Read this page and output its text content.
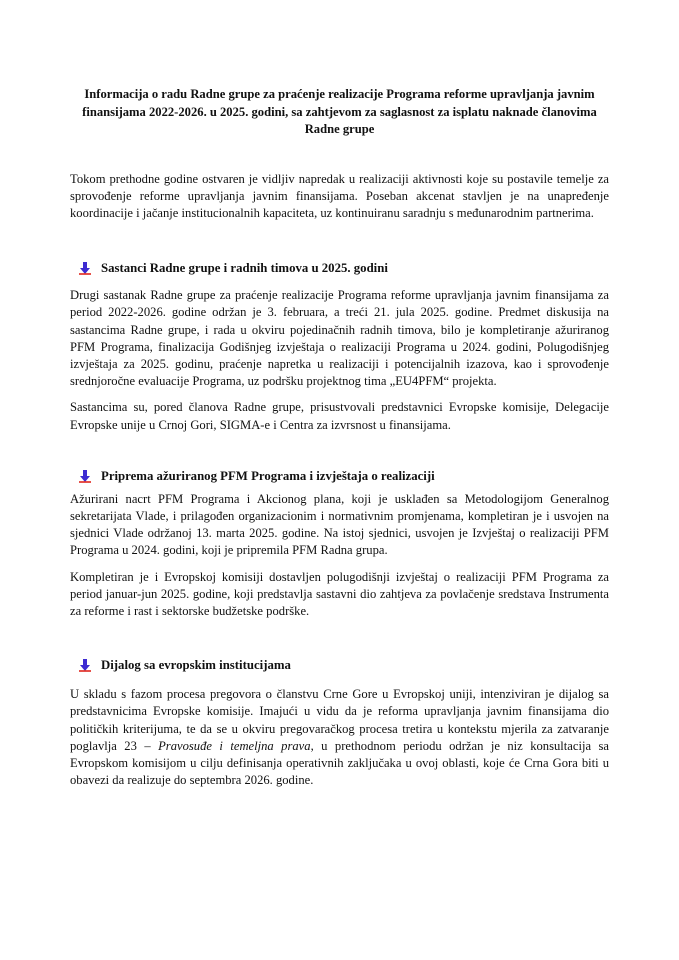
Informacija o radu Radne grupe za praćenje realizacije Programa reforme upravljanja javnim finansijama 2022-2026. u 2025. godini, sa zahtjevom za saglasnost za isplatu naknade članovima Radne grupe

Tokom prethodne godine ostvaren je vidljiv napredak u realizaciji aktivnosti koje su postavile temelje za sprovođenje reforme upravljanja javnim finansijama. Poseban akcenat stavljen je na unapređenje koordinacije i jačanje institucionalnih kapaciteta, uz kontinuiranu saradnju s međunarodnim partnerima.

Sastanci Radne grupe i radnih timova u 2025. godini

Drugi sastanak Radne grupe za praćenje realizacije Programa reforme upravljanja javnim finansijama za period 2022-2026. godine održan je 3. februara, a treći 21. jula 2025. godine. Predmet diskusija na sastancima Radne grupe, i rada u okviru pojedinačnih radnih timova, bilo je kompletiranje ažuriranog PFM Programa, finalizacija Godišnjeg izvještaja o realizaciji Programa u 2024. godini, Polugodišnjeg izvještaja za 2025. godinu, praćenje napretka u realizaciji i potencijalnih izazova, kao i sprovođenje srednjoročne evaluacije Programa, uz podršku projektnog tima „EU4PFM“ projekta.

Sastancima su, pored članova Radne grupe, prisustvovali predstavnici Evropske komisije, Delegacije Evropske unije u Crnoj Gori, SIGMA-e i Centra za izvrsnost u finansijama.

Priprema ažuriranog PFM Programa i izvještaja o realizaciji

Ažurirani nacrt PFM Programa i Akcionog plana, koji je usklađen sa Metodologijom Generalnog sekretarijata Vlade, i prilagođen organizacionim i normativnim promjenama, kompletiran je i usvojen na sjednici Vlade održanoj 13. marta 2025. godine. Na istoj sjednici, usvojen je Izvještaj o realizaciji PFM Programa u 2024. godini, koji je pripremila PFM Radna grupa.

Kompletiran je i Evropskoj komisiji dostavljen polugodišnji izvještaj o realizaciji PFM Programa za period januar-jun 2025. godine, koji predstavlja sastavni dio zahtjeva za povlačenje sredstava Instrumenta za reforme i rast i sektorske budžetske podrške.

Dijalog sa evropskim institucijama

U skladu s fazom procesa pregovora o članstvu Crne Gore u Evropskoj uniji, intenziviran je dijalog sa predstavnicima Evropske komisije. Imajući u vidu da je reforma upravljanja javnim finansijama dio političkih kriterijuma, te da se u okviru pregovaračkog procesa tretira u kontekstu mjerila za zatvaranje poglavlja 23 – Pravosuđe i temeljna prava, u prethodnom periodu održan je niz konsultacija sa Evropskom komisijom u cilju definisanja operativnih zaključaka u ovoj oblasti, koje će Crna Gora biti u obavezi da realizuje do septembra 2026. godine.
